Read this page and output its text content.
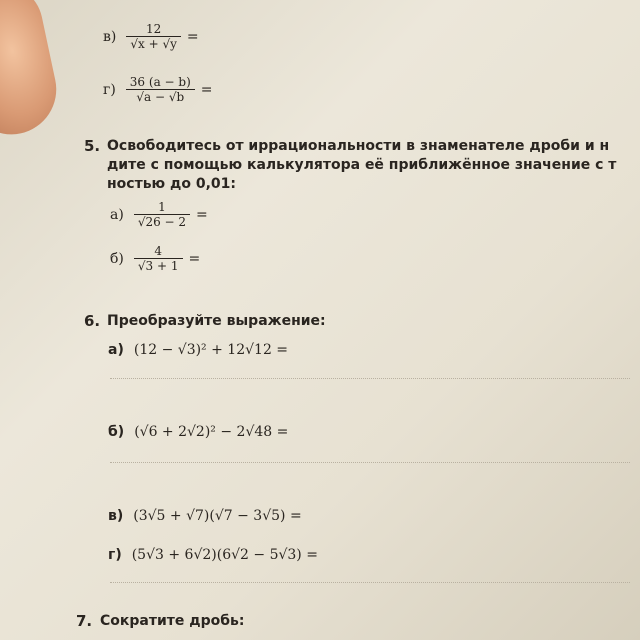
$в) \frac{12}{√x + √y}$ =
$г) \frac{36 (a - b)}{√a - √b}$ =
5. Освободитесь от иррациональности в знаменателе дроби и н
дите с помощью калькулятора её приближённое значение с т
ностью до 0,01:
$а) \frac{1}{√26 - 2}$ =
$б) \frac{4}{√3 + 1}$ =
6. Преобразуйте выражение:
а) (12 − √3)² + 12√12 =
б) (√6 + 2√2)² − 2√48 =
в) (3√5 + √7)(√7 − 3√5) =
г) (5√3 + 6√2)(6√2 − 5√3) =
7. Сократите дробь:
